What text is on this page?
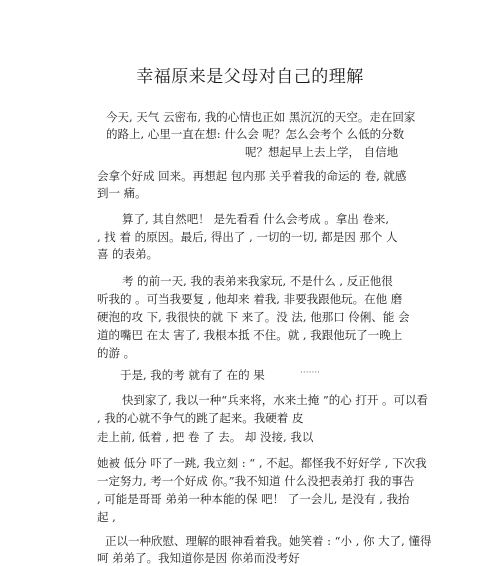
幸福原来是父母对自己的理解
今天, 天气 云密布, 我的心情也正如 黑沉沉的天空。走在回家
的路上, 心里一直在想: 什么会 呢？怎么会考个 么低的分数
呢？想起早上去上学， 自信地
会拿个好成 回来。再想起 包内那 关乎着我的命运的 卷, 就感
到一 痛。
算了, 其自然吧！ 是先看看 什么会考成 。拿出 卷来,
, 找 着 的原因。最后, 得出了 , 一切的一切, 都是因 那个 人
喜 的表弟。
考 的前一天, 我的表弟来我家玩, 不是什么 , 反正他很
听我的 。可当我要复 , 他却来 着我, 非要我跟他玩。在他 磨
硬泡的攻 下, 我很快的就 下 来了。没 法, 他那口 伶俐、能 会
道的嘴巴 在太 害了, 我根本抵 不住。就 , 我跟他玩了一晚上
的游 。
于是, 我的考 就有了 在的 果	·······
快到家了, 我以一种“兵来将，水来土掩 ”的心 打开 。可以看
, 我的心就不争气的跳了起来。我硬着 皮
走上前, 低着 , 把 卷 了 去。 却 没接, 我以
她被 低分 吓了一跳, 我立刻 : “ , 不起。都怪我不好好学 , 下次我
一定努力, 考一个好成 你。”我不知道 什么没把表弟打 我的事告
, 可能是哥哥 弟弟一种本能的保 吧！ 了一会儿, 是没有 , 我抬
起 ,
正以一种欣慰、理解的眼神看着我。她笑着 : “小 , 你 大了, 懂得
呵 弟弟了。我知道你是因 你弟而没考好
